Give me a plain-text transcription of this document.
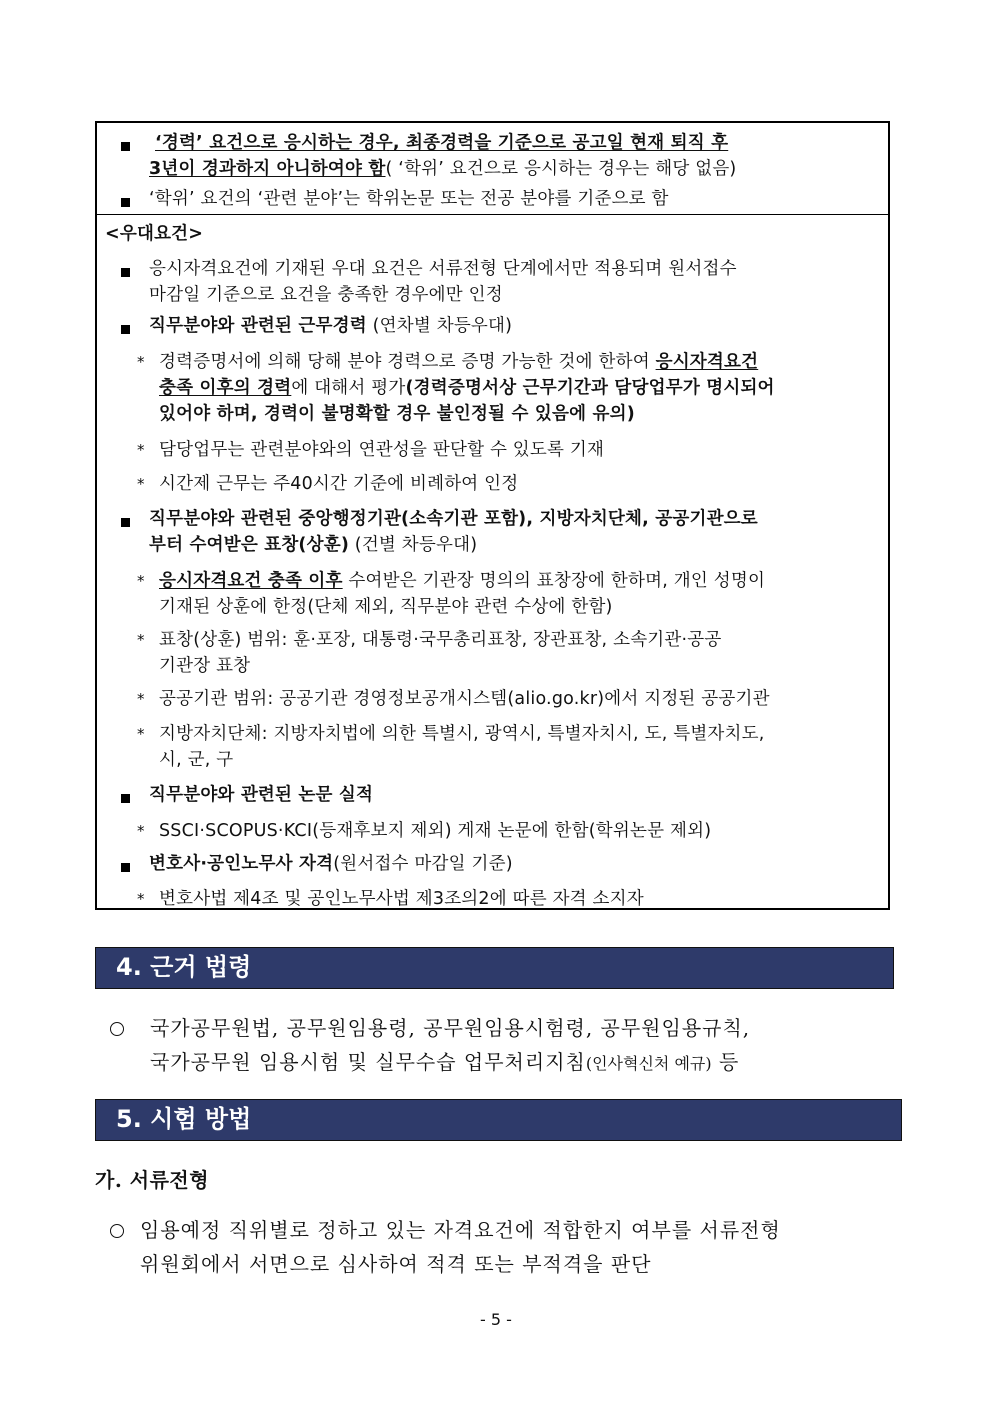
‘경력’ 요건으로 응시하는 경우, 최종경력을 기준으로 공고일 현재 퇴직 후
3년이 경과하지 아니하여야 함( ‘학위’ 요건으로 응시하는 경우는 해당 없음)
‘학위’ 요건의 ‘관련 분야’는 학위논문 또는 전공 분야를 기준으로 함
<우대요건>
응시자격요건에 기재된 우대 요건은 서류전형 단계에서만 적용되며 원서접수
마감일 기준으로 요건을 충족한 경우에만 인정
직무분야와 관련된 근무경력 (연차별 차등우대)
* 경력증명서에 의해 당해 분야 경력으로 증명 가능한 것에 한하여 응시자격요건
충족 이후의 경력에 대해서 평가(경력증명서상 근무기간과 담당업무가 명시되어
있어야 하며, 경력이 불명확할 경우 불인정될 수 있음에 유의)
* 담당업무는 관련분야와의 연관성을 판단할 수 있도록 기재
* 시간제 근무는 주40시간 기준에 비례하여 인정
직무분야와 관련된 중앙행정기관(소속기관 포함), 지방자치단체, 공공기관으로
부터 수여받은 표창(상훈) (건별 차등우대)
* 응시자격요건 충족 이후 수여받은 기관장 명의의 표창장에 한하며, 개인 성명이
기재된 상훈에 한정(단체 제외, 직무분야 관련 수상에 한함)
* 표창(상훈) 범위: 훈·포장, 대통령·국무총리표창, 장관표창, 소속기관·공공
기관장 표창
* 공공기관 범위: 공공기관 경영정보공개시스템(alio.go.kr)에서 지정된 공공기관
* 지방자치단체: 지방자치법에 의한 특별시, 광역시, 특별자치시, 도, 특별자치도,
시, 군, 구
직무분야와 관련된 논문 실적
* SSCI·SCOPUS·KCI(등재후보지 제외) 게재 논문에 한함(학위논문 제외)
변호사·공인노무사 자격(원서접수 마감일 기준)
* 변호사법 제4조 및 공인노무사법 제3조의2에 따른 자격 소지자
4. 근거 법령
국가공무원법, 공무원임용령, 공무원임용시험령, 공무원임용규칙,
국가공무원 임용시험 및 실무수습 업무처리지침(인사혁신처 예규) 등
5. 시험 방법
가. 서류전형
임용예정 직위별로 정하고 있는 자격요건에 적합한지 여부를 서류전형
위원회에서 서면으로 심사하여 적격 또는 부적격을 판단
- 5 -
